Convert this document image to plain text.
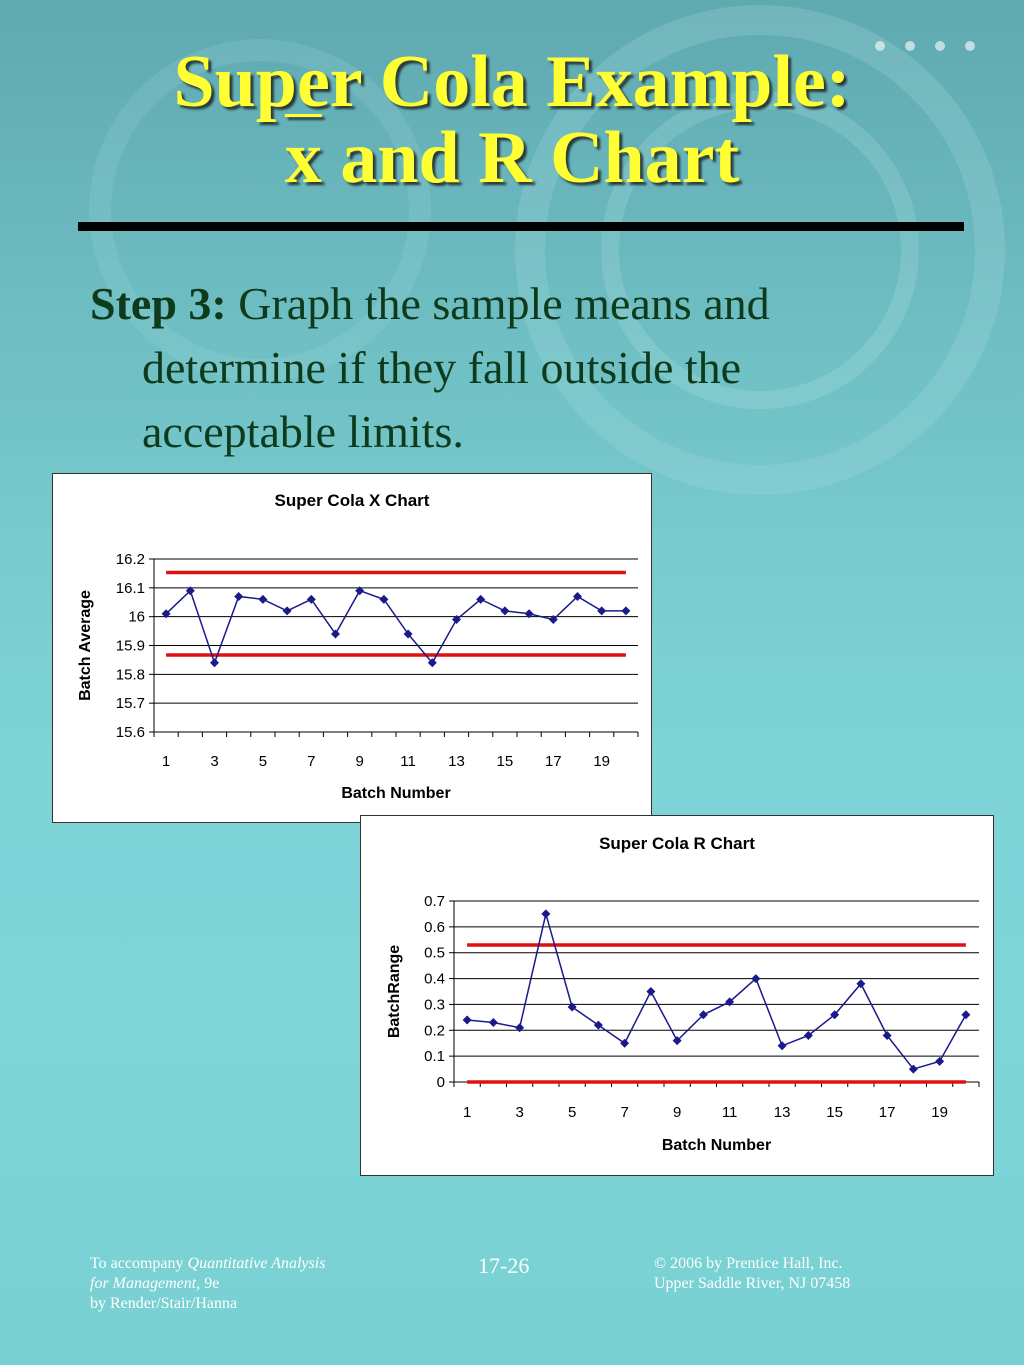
Super Cola Example:
$\overline{x}$ and R Chart
Step 3: Graph the sample means and
determine if they fall outside the
acceptable limits.
Super Cola X Chart
16.2
16.1
16
15.9
15.8
15.7
15.6
1	3	5	7	9 11 13 15 17 19
Batch Number
Batch Average
Super Cola R Chart
0.7
0.6
0.5
0.4
0.3
0.2
0.1
0
1	3	5	7	9	11 13 15 17 19
Batch Number
BatchRange
To accompany Quantitative Analysis
for Management, 9e
by Render/Stair/Hanna
17-26	© 2006 by Prentice Hall, Inc.
Upper Saddle River, NJ 07458
